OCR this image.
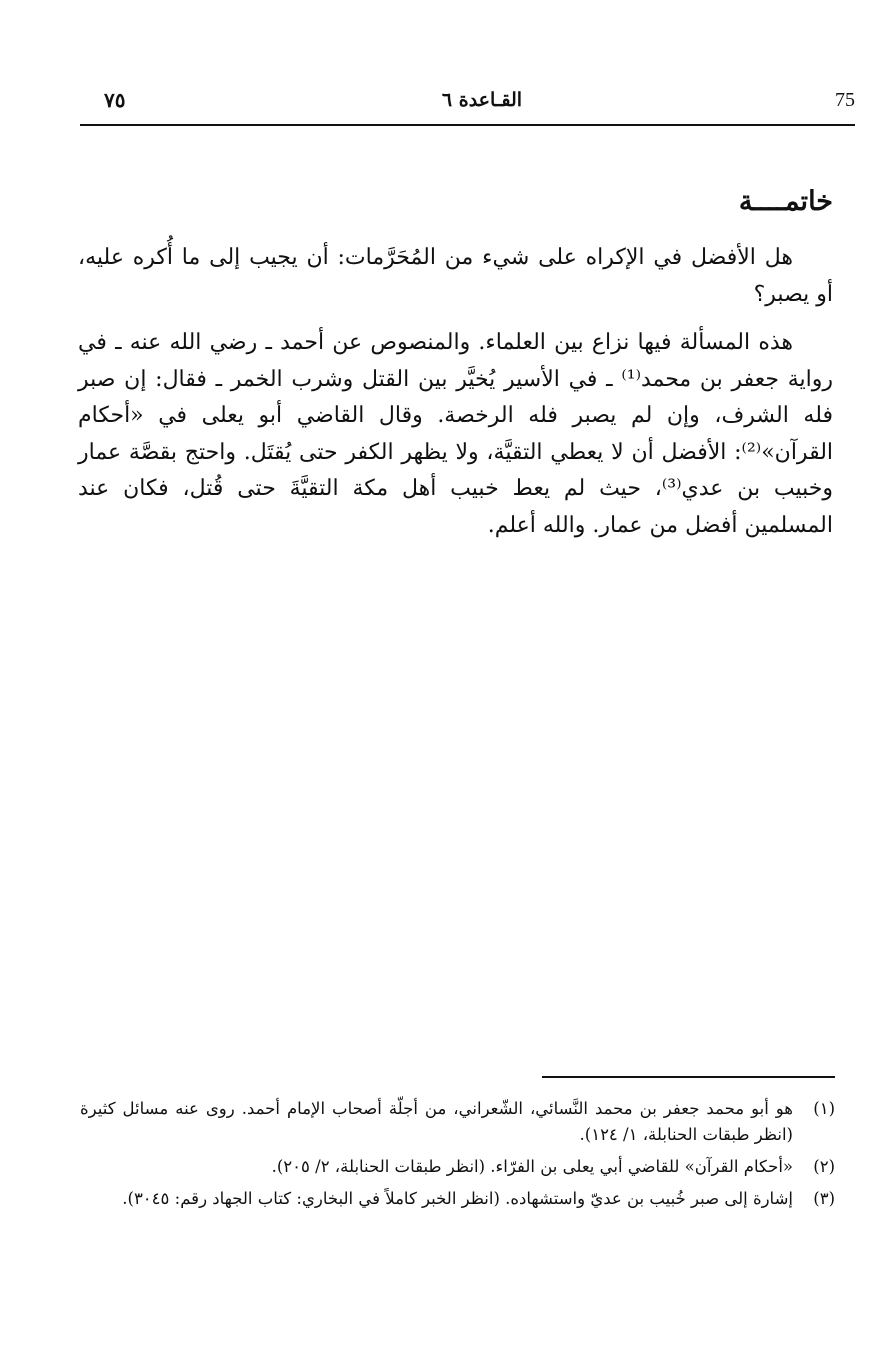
75
القـاعدة ٦
٧٥
خاتمــــة

هل الأفضل في الإكراه على شيء من المُحَرَّمات: أن يجيب إلى ما أُكره عليه، أو يصبر؟

هذه المسألة فيها نزاع بين العلماء. والمنصوص عن أحمد ـ رضي الله عنه ـ في رواية جعفر بن محمد⁽¹⁾ ـ في الأسير يُخيَّر بين القتل وشرب الخمر ـ فقال: إن صبر فله الشرف، وإن لم يصبر فله الرخصة. وقال القاضي أبو يعلى في «أحكام القرآن»⁽²⁾: الأفضل أن لا يعطي التقيَّة، ولا يظهر الكفر حتى يُقتَل. واحتج بقصَّة عمار وخبيب بن عدي⁽³⁾، حيث لم يعط خبيب أهل مكة التقيَّةَ حتى قُتل، فكان عند المسلمين أفضل من عمار. والله أعلم.

(١)
هو أبو محمد جعفر بن محمد النَّسائي، الشّعراني، من أجلّة أصحاب الإمام أحمد. روى عنه مسائل كثيرة (انظر طبقات الحنابلة، ١/ ١٢٤).
(٢)
«أحكام القرآن» للقاضي أبي يعلى بن الفرّاء. (انظر طبقات الحنابلة، ٢/ ٢٠٥).
(٣)
إشارة إلى صبر خُبيب بن عديّ واستشهاده. (انظر الخبر كاملاً في البخاري: كتاب الجهاد رقم: ٣٠٤٥).
